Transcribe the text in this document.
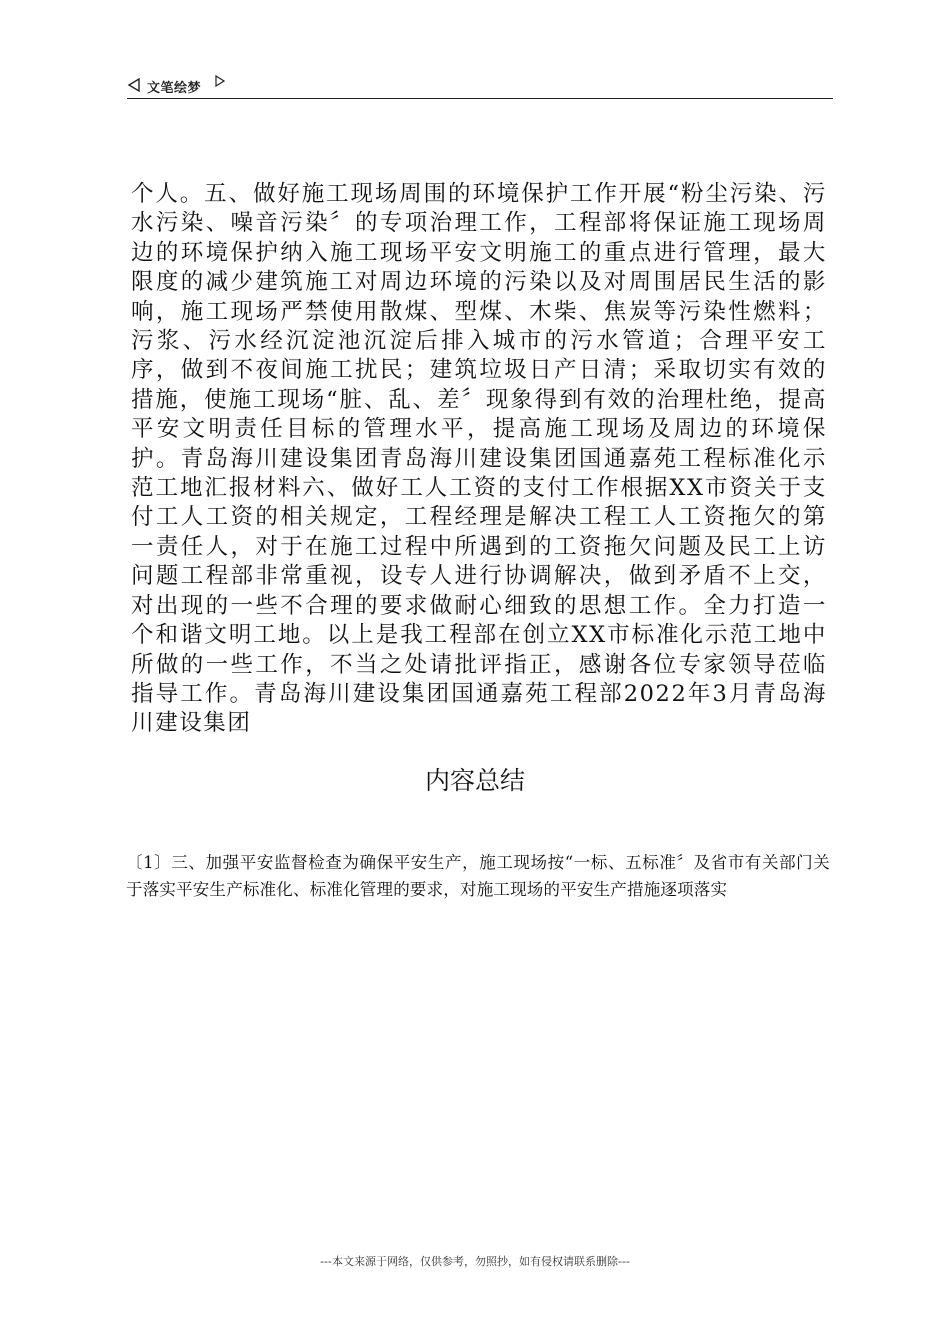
文笔绘梦

个人。五、做好施工现场周围的环境保护工作开展“粉尘污染、污水污染、噪音污染〞的专项治理工作，工程部将保证施工现场周边的环境保护纳入施工现场平安文明施工的重点进行管理，最大限度的减少建筑施工对周边环境的污染以及对周围居民生活的影响，施工现场严禁使用散煤、型煤、木柴、焦炭等污染性燃料；污浆、污水经沉淀池沉淀后排入城市的污水管道；合理平安工序，做到不夜间施工扰民；建筑垃圾日产日清；采取切实有效的措施，使施工现场“脏、乱、差〞现象得到有效的治理杜绝，提高平安文明责任目标的管理水平，提高施工现场及周边的环境保护。青岛海川建设集团青岛海川建设集团国通嘉苑工程标准化示范工地汇报材料六、做好工人工资的支付工作根据XX市资关于支付工人工资的相关规定，工程经理是解决工程工人工资拖欠的第一责任人，对于在施工过程中所遇到的工资拖欠问题及民工上访问题工程部非常重视，设专人进行协调解决，做到矛盾不上交，对出现的一些不合理的要求做耐心细致的思想工作。全力打造一个和谐文明工地。以上是我工程部在创立XX市标准化示范工地中所做的一些工作，不当之处请批评指正，感谢各位专家领导莅临指导工作。青岛海川建设集团国通嘉苑工程部2022年3月青岛海川建设集团

内容总结

〔1〕三、加强平安监督检查为确保平安生产，施工现场按“一标、五标准〞及省市有关部门关于落实平安生产标准化、标准化管理的要求，对施工现场的平安生产措施逐项落实

---本文来源于网络，仅供参考，勿照抄，如有侵权请联系删除---
